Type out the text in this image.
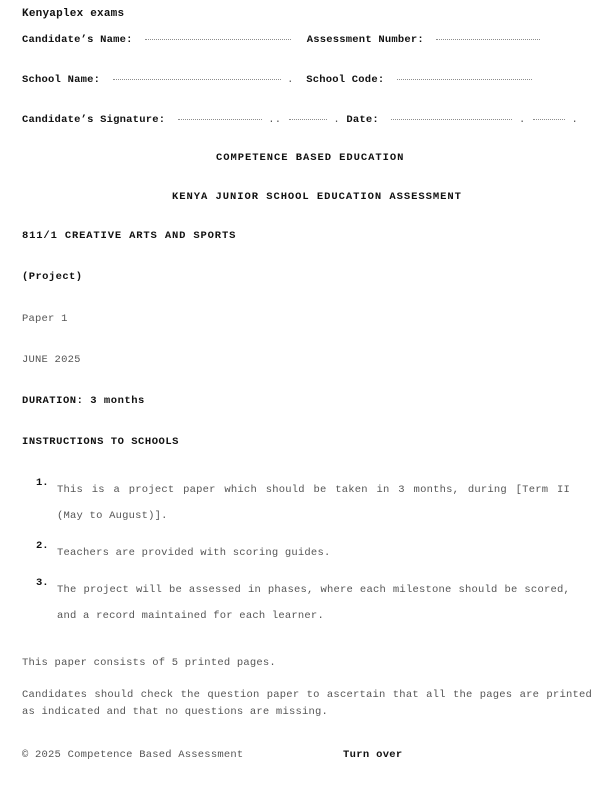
Kenyaplex exams
Candidate’s Name:	Assessment Number:
School Name:	. School Code:
Candidate’s Signature:	..	. Date:	.	.
COMPETENCE BASED EDUCATION
KENYA JUNIOR SCHOOL EDUCATION ASSESSMENT
811/1 CREATIVE ARTS AND SPORTS
(Project)
Paper 1
JUNE 2025
DURATION: 3 months
INSTRUCTIONS TO SCHOOLS
1.
This is a project paper which should be taken in 3 months, during [Term II (May to August)].
2.
Teachers are provided with scoring guides.
3.
The project will be assessed in phases, where each milestone should be scored, and a record maintained for each learner.
This paper consists of 5 printed pages.
Candidates should check the question paper to ascertain that all the pages are printed as indicated and that no questions are missing.
© 2025 Competence Based Assessment	Turn over
